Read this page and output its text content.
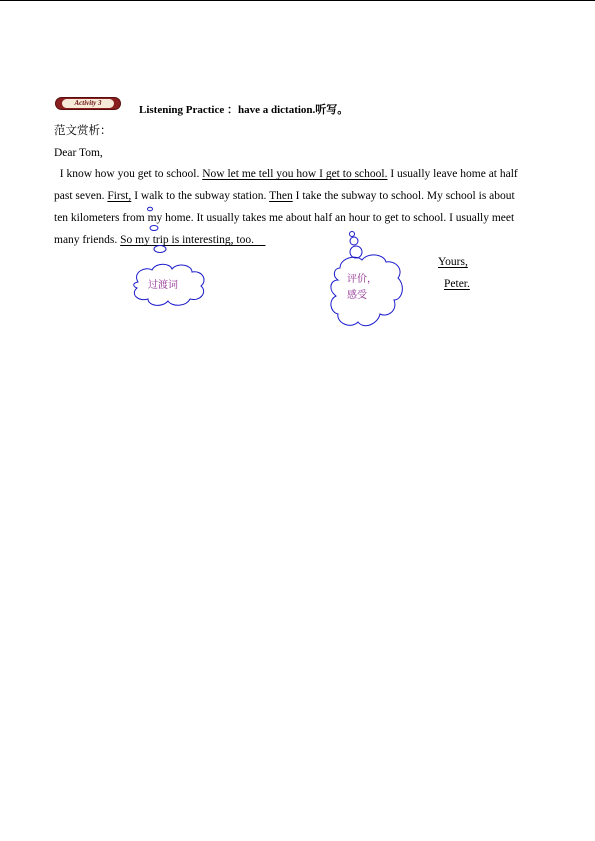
Activity 3
Listening Practice ：have a dictation.听写。
范文赏析：
Dear Tom,
I know how you get to school. Now let me tell you how I get to school. I usually leave home at half
past seven. First, I walk to the subway station. Then I take the subway to school. My school is about
ten kilometers from my home. It usually takes me about half an hour to get to school. I usually meet
many friends. So my trip is interesting, too.
Yours,
Peter.
过渡词
评价，
感受
